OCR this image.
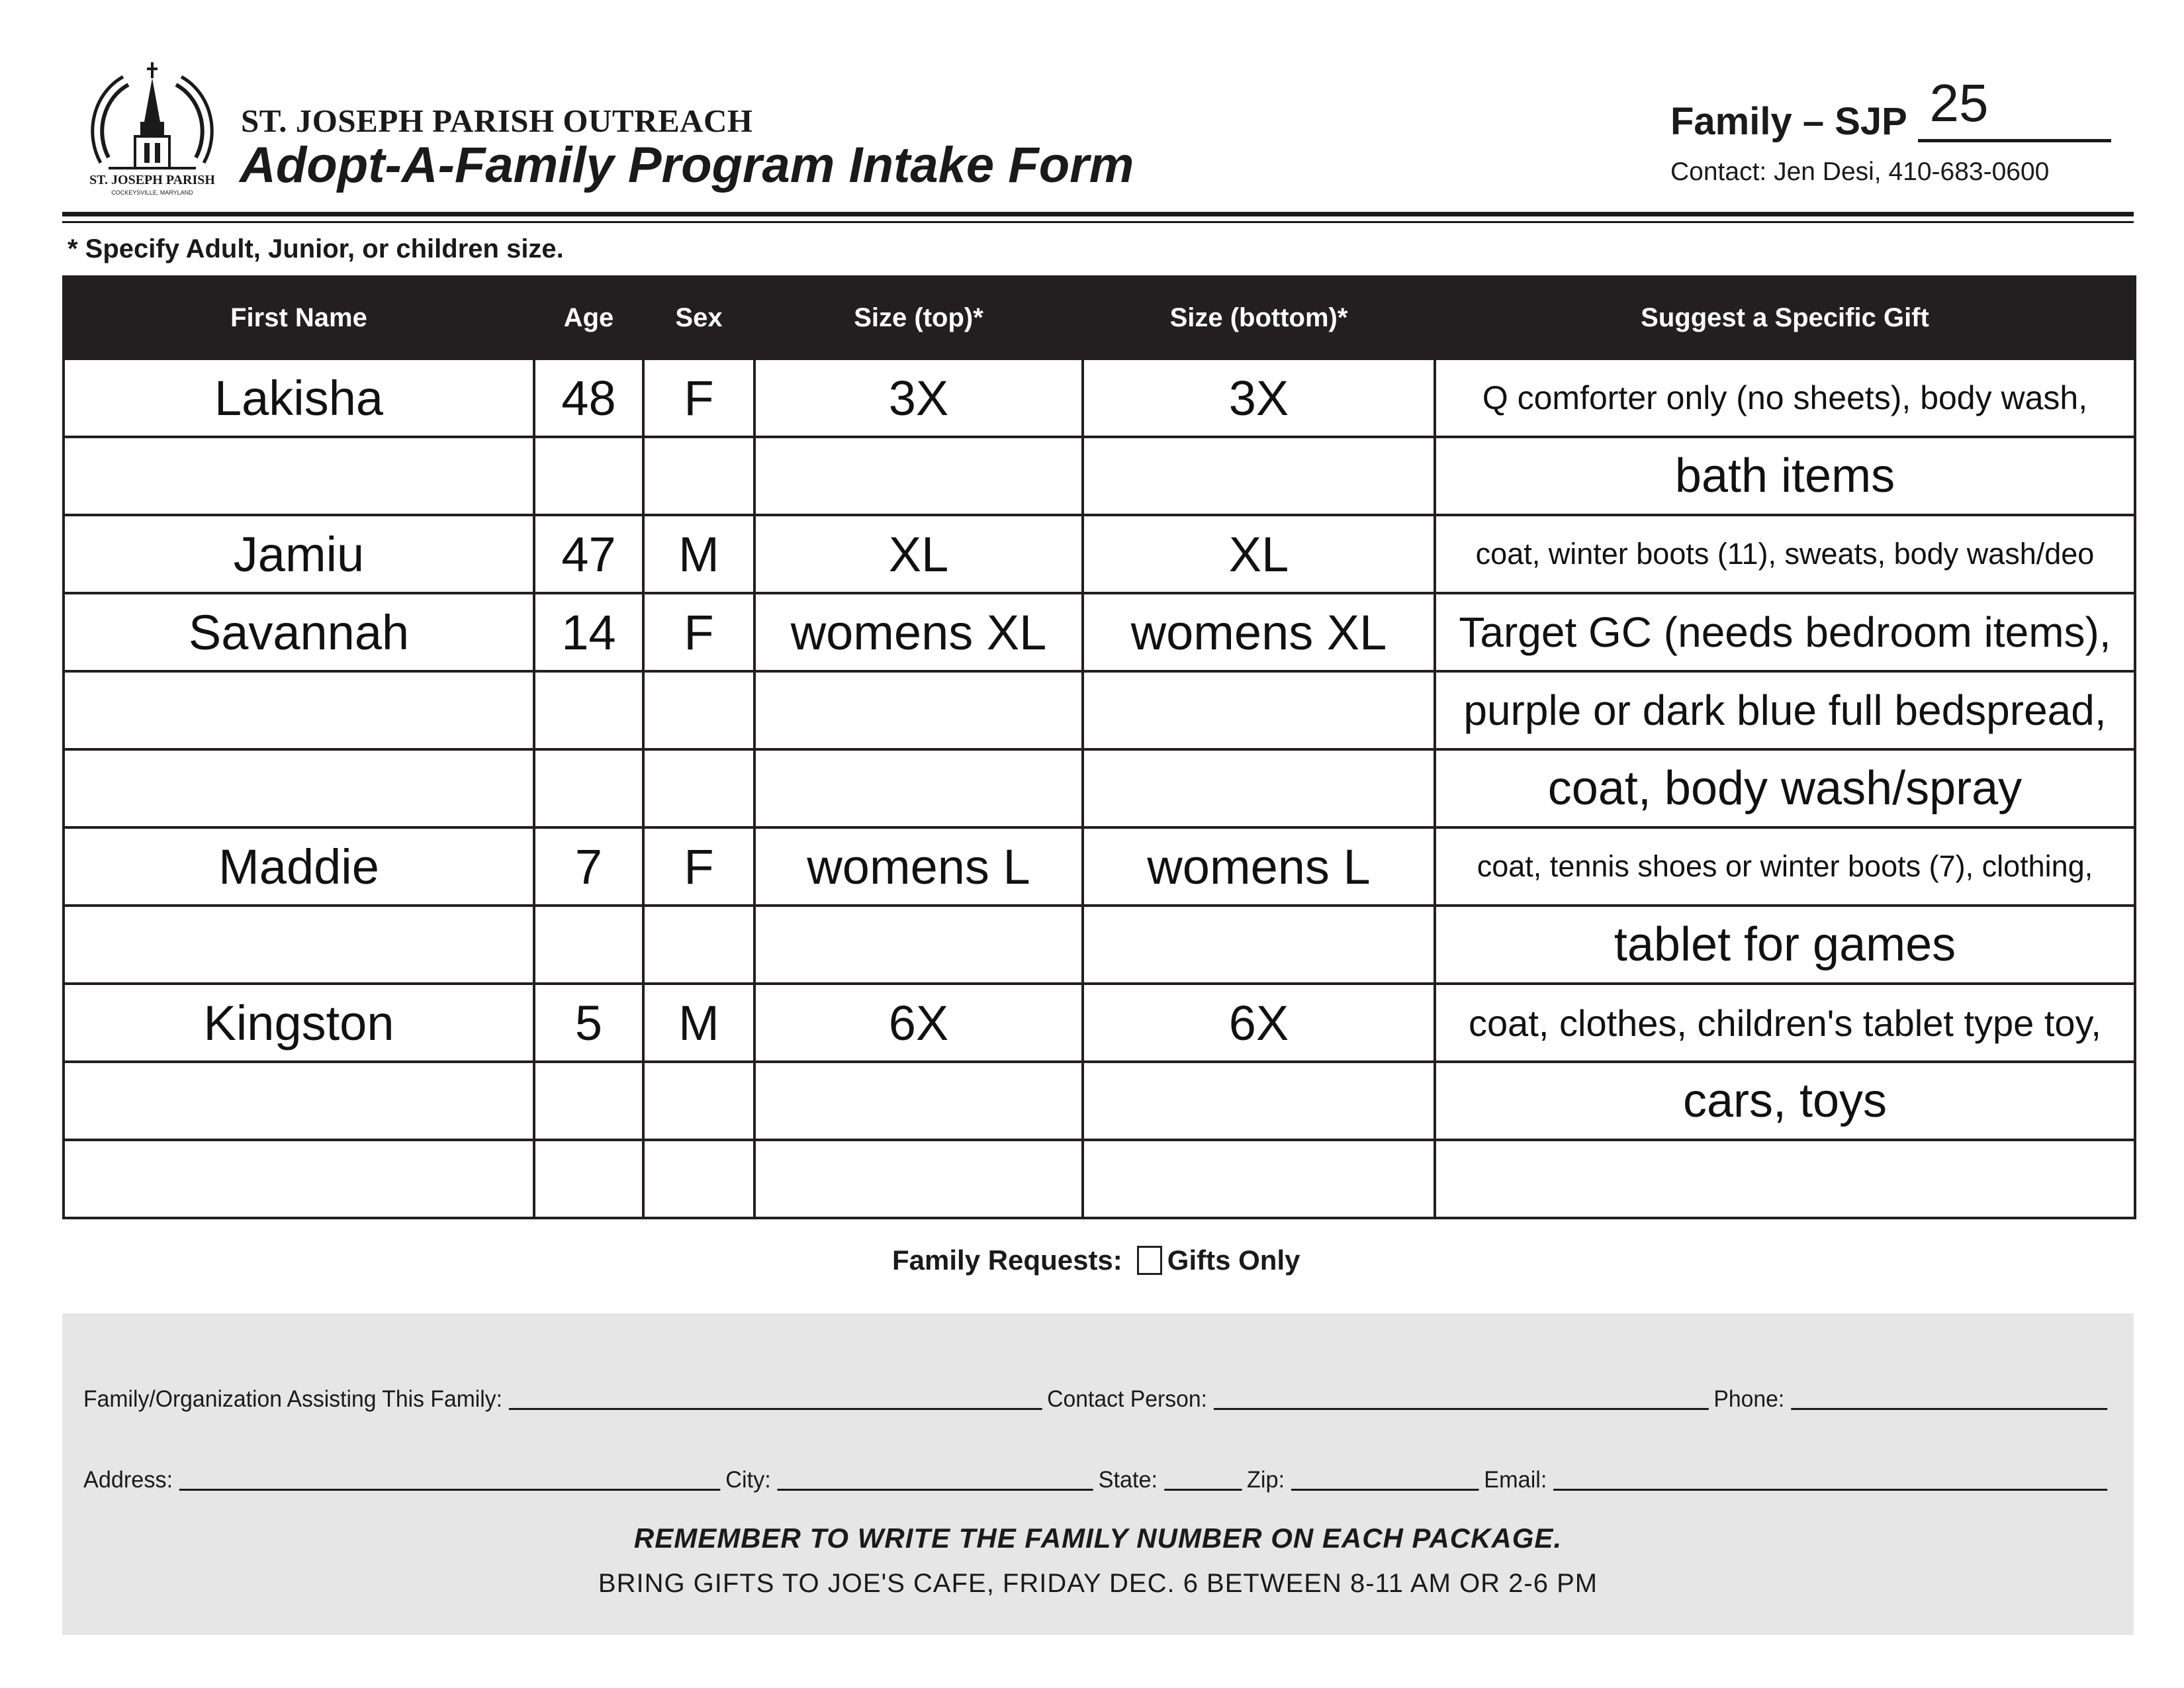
ST. JOSEPH PARISH
COCKEYSVILLE, MARYLAND
ST. JOSEPH PARISH OUTREACH
Adopt-A-Family Program Intake Form
Family – SJP 25
Contact: Jen Desi, 410-683-0600
* Specify Adult, Junior, or children size.
First Name	Age	Sex	Size (top)*	Size (bottom)*	Suggest a Specific Gift
Lakisha	48	F	3X	3X	Q comforter only (no sheets), body wash,
					bath items
Jamiu	47	M	XL	XL	coat, winter boots (11), sweats, body wash/deo
Savannah	14	F	womens XL	womens XL	Target GC (needs bedroom items),
					purple or dark blue full bedspread,
					coat, body wash/spray
Maddie	7	F	womens L	womens L	coat, tennis shoes or winter boots (7), clothing,
					tablet for games
Kingston	5	M	6X	6X	coat, clothes, children's tablet type toy,
					cars, toys

Family Requests: Gifts Only
Family/Organization Assisting This Family:	Contact Person:	Phone:
Address:	City:	State:	Zip:	Email:
REMEMBER TO WRITE THE FAMILY NUMBER ON EACH PACKAGE.
BRING GIFTS TO JOE'S CAFE, FRIDAY DEC. 6 BETWEEN 8-11 AM OR 2-6 PM
